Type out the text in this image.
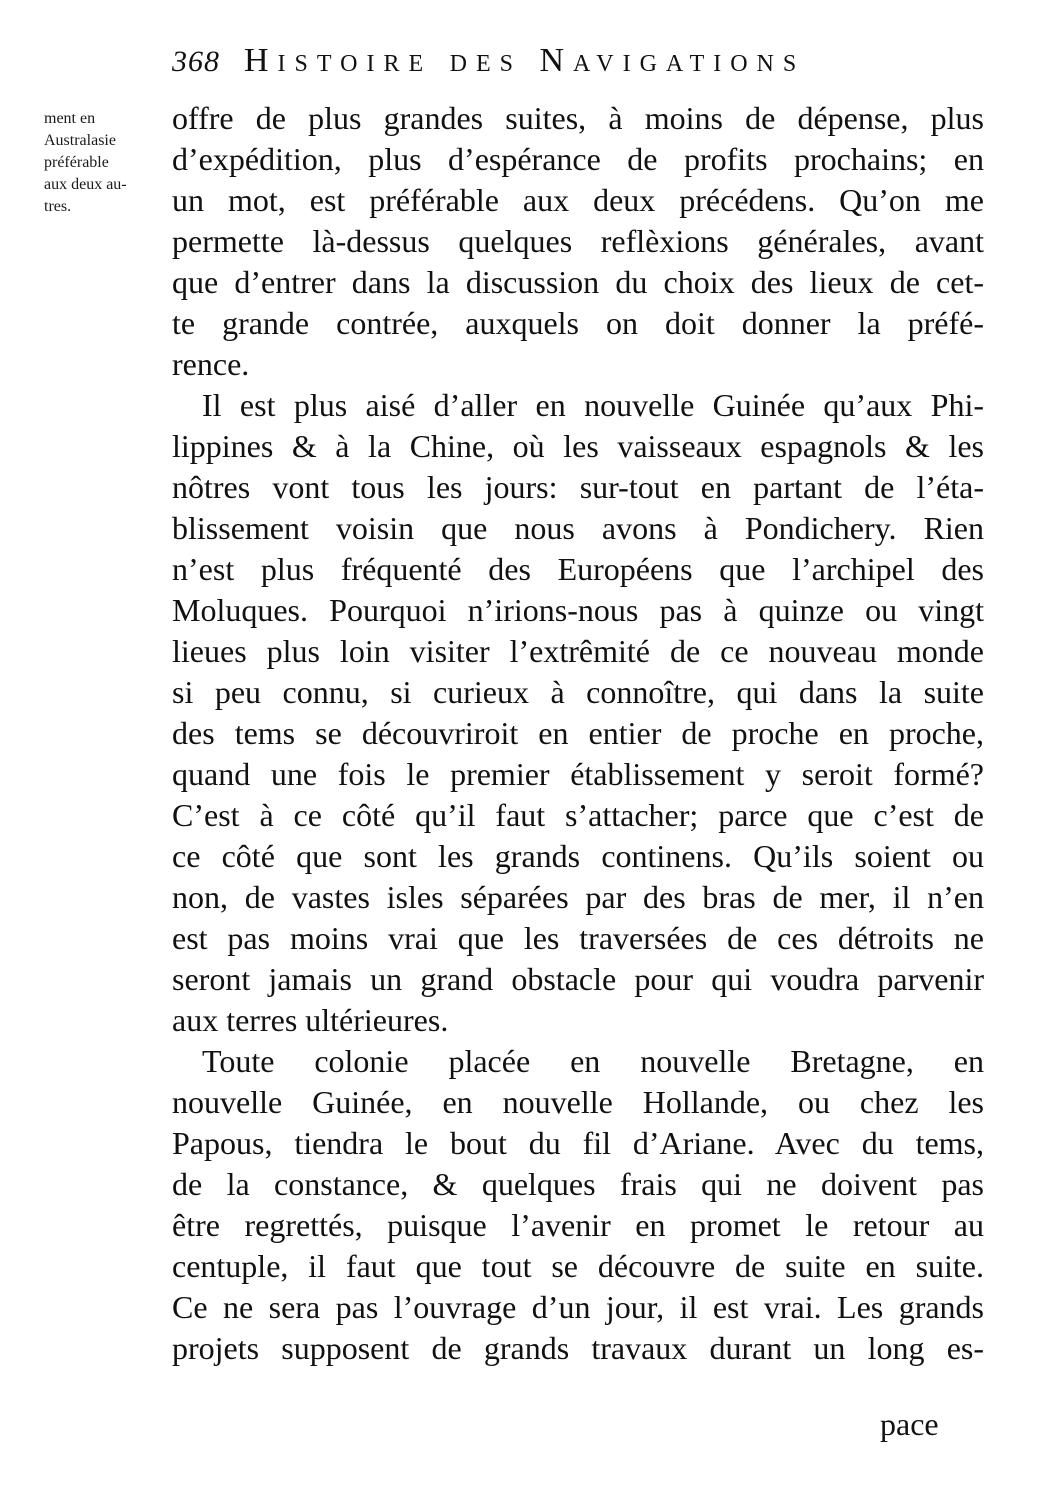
368 Histoire des Navigations
ment en
Australasie
préférable
aux deux au-
tres.
offre de plus grandes suites, à moins de dépense, plus
d’expédition, plus d’espérance de profits prochains; en
un mot, est préférable aux deux précédens. Qu’on me
permette là-dessus quelques reflèxions générales, avant
que d’entrer dans la discussion du choix des lieux de cet-
te grande contrée, auxquels on doit donner la préfé-
rence.
Il est plus aisé d’aller en nouvelle Guinée qu’aux Phi-
lippines & à la Chine, où les vaisseaux espagnols & les
nôtres vont tous les jours: sur-tout en partant de l’éta-
blissement voisin que nous avons à Pondichery. Rien
n’est plus fréquenté des Européens que l’archipel des
Moluques. Pourquoi n’irions-nous pas à quinze ou vingt
lieues plus loin visiter l’extrêmité de ce nouveau monde
si peu connu, si curieux à connoître, qui dans la suite
des tems se découvriroit en entier de proche en proche,
quand une fois le premier établissement y seroit formé?
C’est à ce côté qu’il faut s’attacher; parce que c’est de
ce côté que sont les grands continens. Qu’ils soient ou
non, de vastes isles séparées par des bras de mer, il n’en
est pas moins vrai que les traversées de ces détroits ne
seront jamais un grand obstacle pour qui voudra parvenir
aux terres ultérieures.
Toute colonie placée en nouvelle Bretagne, en
nouvelle Guinée, en nouvelle Hollande, ou chez les
Papous, tiendra le bout du fil d’Ariane. Avec du tems,
de la constance, & quelques frais qui ne doivent pas
être regrettés, puisque l’avenir en promet le retour au
centuple, il faut que tout se découvre de suite en suite.
Ce ne sera pas l’ouvrage d’un jour, il est vrai. Les grands
projets supposent de grands travaux durant un long es-
pace
